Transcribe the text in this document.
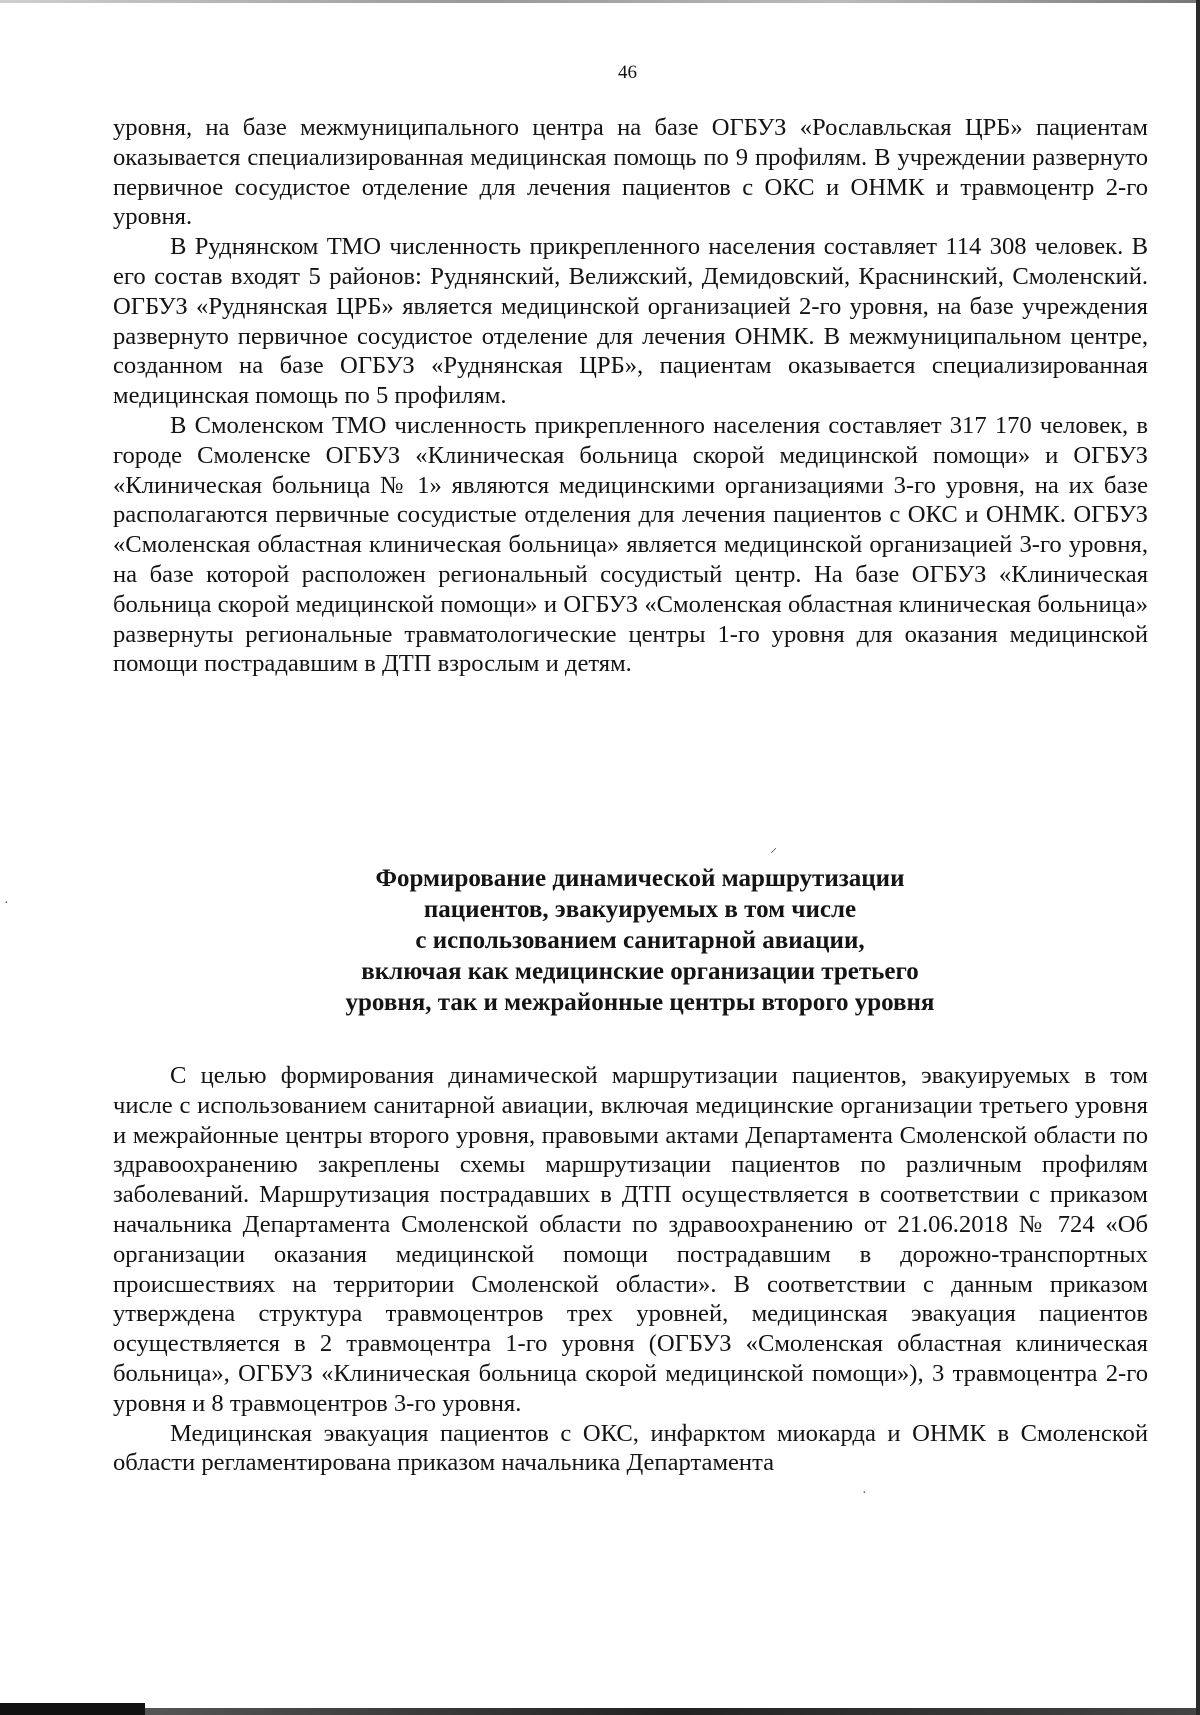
46

уровня, на базе межмуниципального центра на базе ОГБУЗ «Рославльская ЦРБ» пациентам оказывается специализированная медицинская помощь по 9 профилям. В учреждении развернуто первичное сосудистое отделение для лечения пациентов с ОКС и ОНМК и травмоцентр 2-го уровня.

В Руднянском ТМО численность прикрепленного населения составляет 114 308 человек. В его состав входят 5 районов: Руднянский, Велижский, Демидовский, Краснинский, Смоленский. ОГБУЗ «Руднянская ЦРБ» является медицинской организацией 2-го уровня, на базе учреждения развернуто первичное сосудистое отделение для лечения ОНМК. В межмуниципальном центре, созданном на базе ОГБУЗ «Руднянская ЦРБ», пациентам оказывается специализированная медицинская помощь по 5 профилям.

В Смоленском ТМО численность прикрепленного населения составляет 317 170 человек, в городе Смоленске ОГБУЗ «Клиническая больница скорой медицинской помощи» и ОГБУЗ «Клиническая больница № 1» являются медицинскими организациями 3-го уровня, на их базе располагаются первичные сосудистые отделения для лечения пациентов с ОКС и ОНМК. ОГБУЗ «Смоленская областная клиническая больница» является медицинской организацией 3-го уровня, на базе которой расположен региональный сосудистый центр. На базе ОГБУЗ «Клиническая больница скорой медицинской помощи» и ОГБУЗ «Смоленская областная клиническая больница» развернуты региональные травматологические центры 1-го уровня для оказания медицинской помощи пострадавшим в ДТП взрослым и детям.

Формирование динамической маршрутизации
пациентов, эвакуируемых в том числе
с использованием санитарной авиации,
включая как медицинские организации третьего
уровня, так и межрайонные центры второго уровня

С целью формирования динамической маршрутизации пациентов, эвакуируемых в том числе с использованием санитарной авиации, включая медицинские организации третьего уровня и межрайонные центры второго уровня, правовыми актами Департамента Смоленской области по здравоохранению закреплены схемы маршрутизации пациентов по различным профилям заболеваний. Маршрутизация пострадавших в ДТП осуществляется в соответствии с приказом начальника Департамента Смоленской области по здравоохранению от 21.06.2018 № 724 «Об организации оказания медицинской помощи пострадавшим в дорожно-транспортных происшествиях на территории Смоленской области». В соответствии с данным приказом утверждена структура травмоцентров трех уровней, медицинская эвакуация пациентов осуществляется в 2 травмоцентра 1-го уровня (ОГБУЗ «Смоленская областная клиническая больница», ОГБУЗ «Клиническая больница скорой медицинской помощи»), 3 травмоцентра 2-го уровня и 8 травмоцентров 3-го уровня.

Медицинская эвакуация пациентов с ОКС, инфарктом миокарда и ОНМК в Смоленской области регламентирована приказом начальника Департамента

⸝
·
·
